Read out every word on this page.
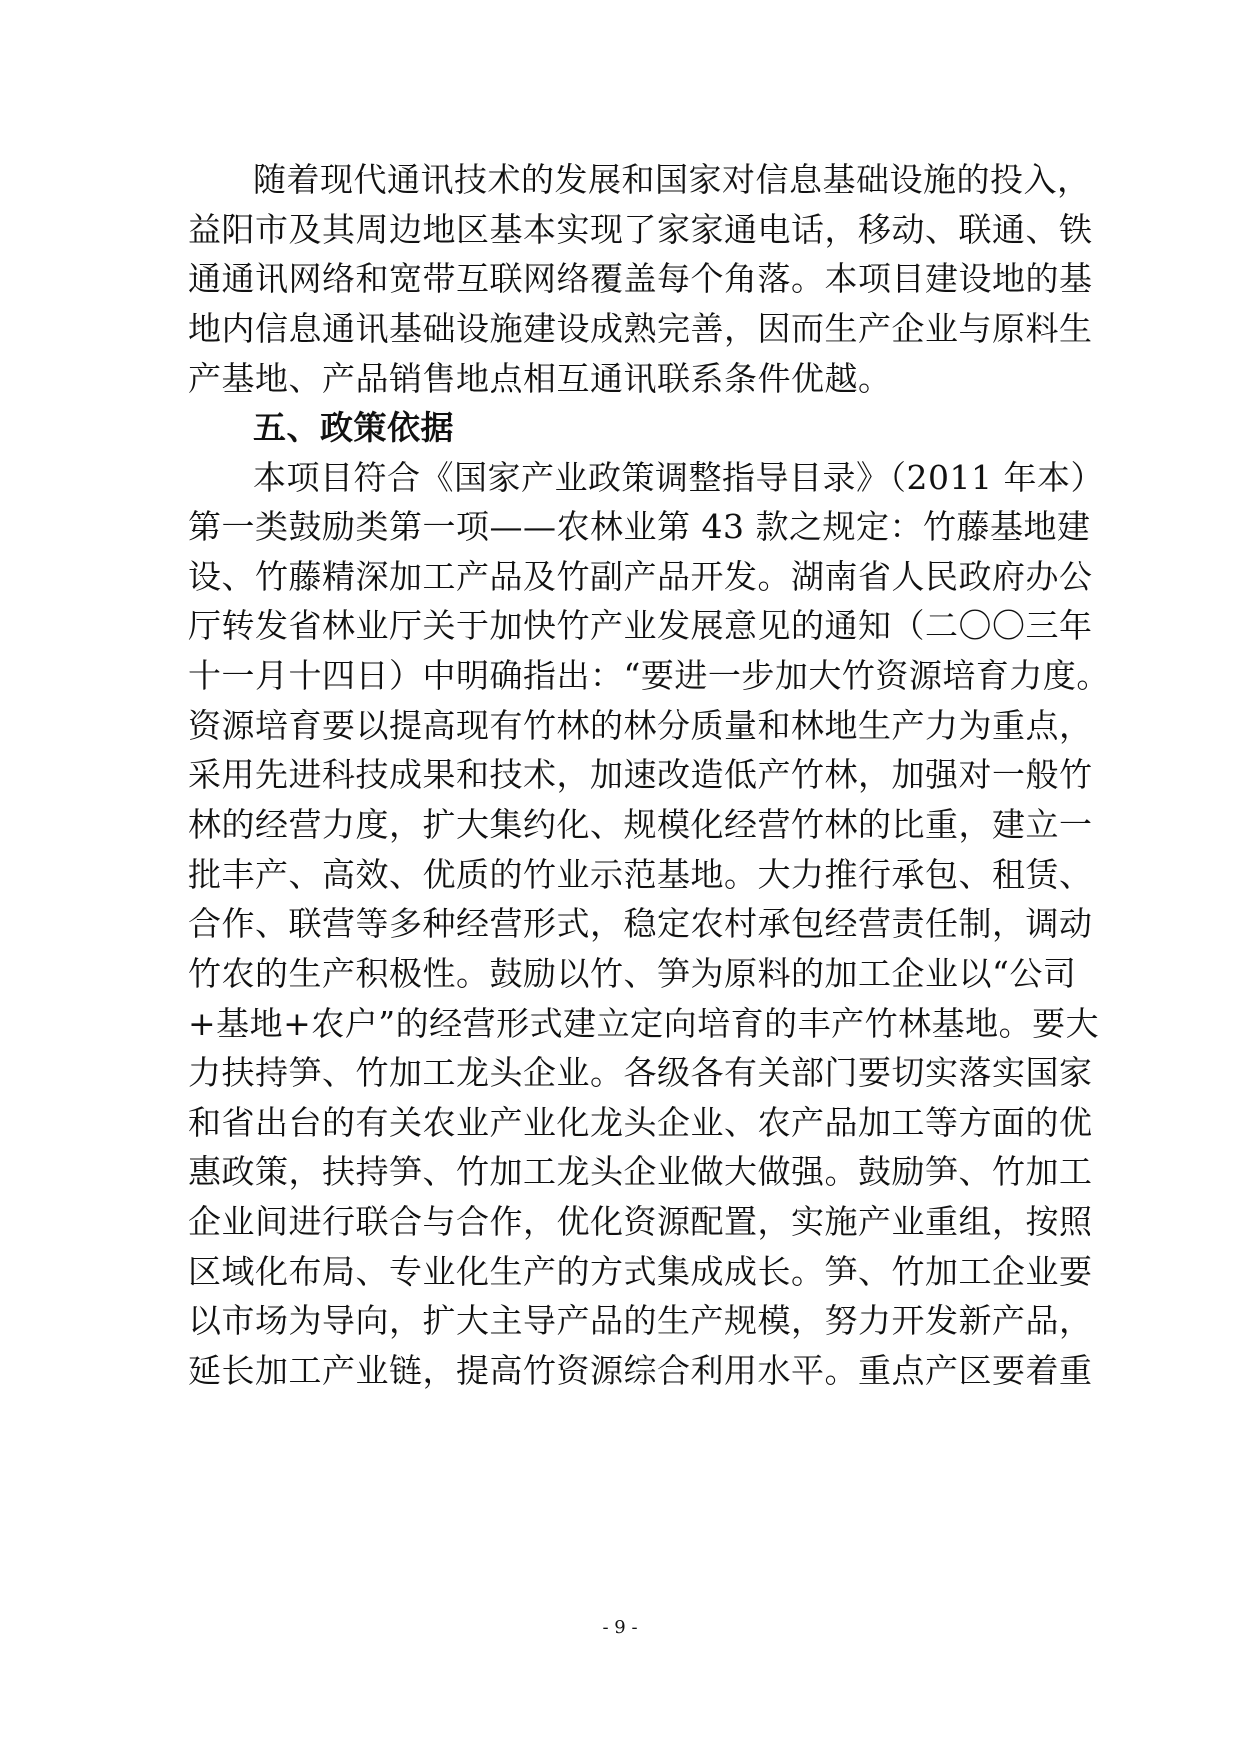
随着现代通讯技术的发展和国家对信息基础设施的投入，
益阳市及其周边地区基本实现了家家通电话，移动、联通、铁
通通讯网络和宽带互联网络覆盖每个角落。本项目建设地的基
地内信息通讯基础设施建设成熟完善，因而生产企业与原料生
产基地、产品销售地点相互通讯联系条件优越。
五、政策依据
本项目符合《国家产业政策调整指导目录》（2011 年本）
第一类鼓励类第一项——农林业第 43 款之规定：竹藤基地建
设、竹藤精深加工产品及竹副产品开发。湖南省人民政府办公
厅转发省林业厅关于加快竹产业发展意见的通知（二〇〇三年
十一月十四日）中明确指出：“要进一步加大竹资源培育力度。
资源培育要以提高现有竹林的林分质量和林地生产力为重点，
采用先进科技成果和技术，加速改造低产竹林，加强对一般竹
林的经营力度，扩大集约化、规模化经营竹林的比重，建立一
批丰产、高效、优质的竹业示范基地。大力推行承包、租赁、
合作、联营等多种经营形式，稳定农村承包经营责任制，调动
竹农的生产积极性。鼓励以竹、笋为原料的加工企业以“公司
+基地+农户”的经营形式建立定向培育的丰产竹林基地。要大
力扶持笋、竹加工龙头企业。各级各有关部门要切实落实国家
和省出台的有关农业产业化龙头企业、农产品加工等方面的优
惠政策，扶持笋、竹加工龙头企业做大做强。鼓励笋、竹加工
企业间进行联合与合作，优化资源配置，实施产业重组，按照
区域化布局、专业化生产的方式集成成长。笋、竹加工企业要
以市场为导向，扩大主导产品的生产规模，努力开发新产品，
延长加工产业链，提高竹资源综合利用水平。重点产区要着重
- 9 -
